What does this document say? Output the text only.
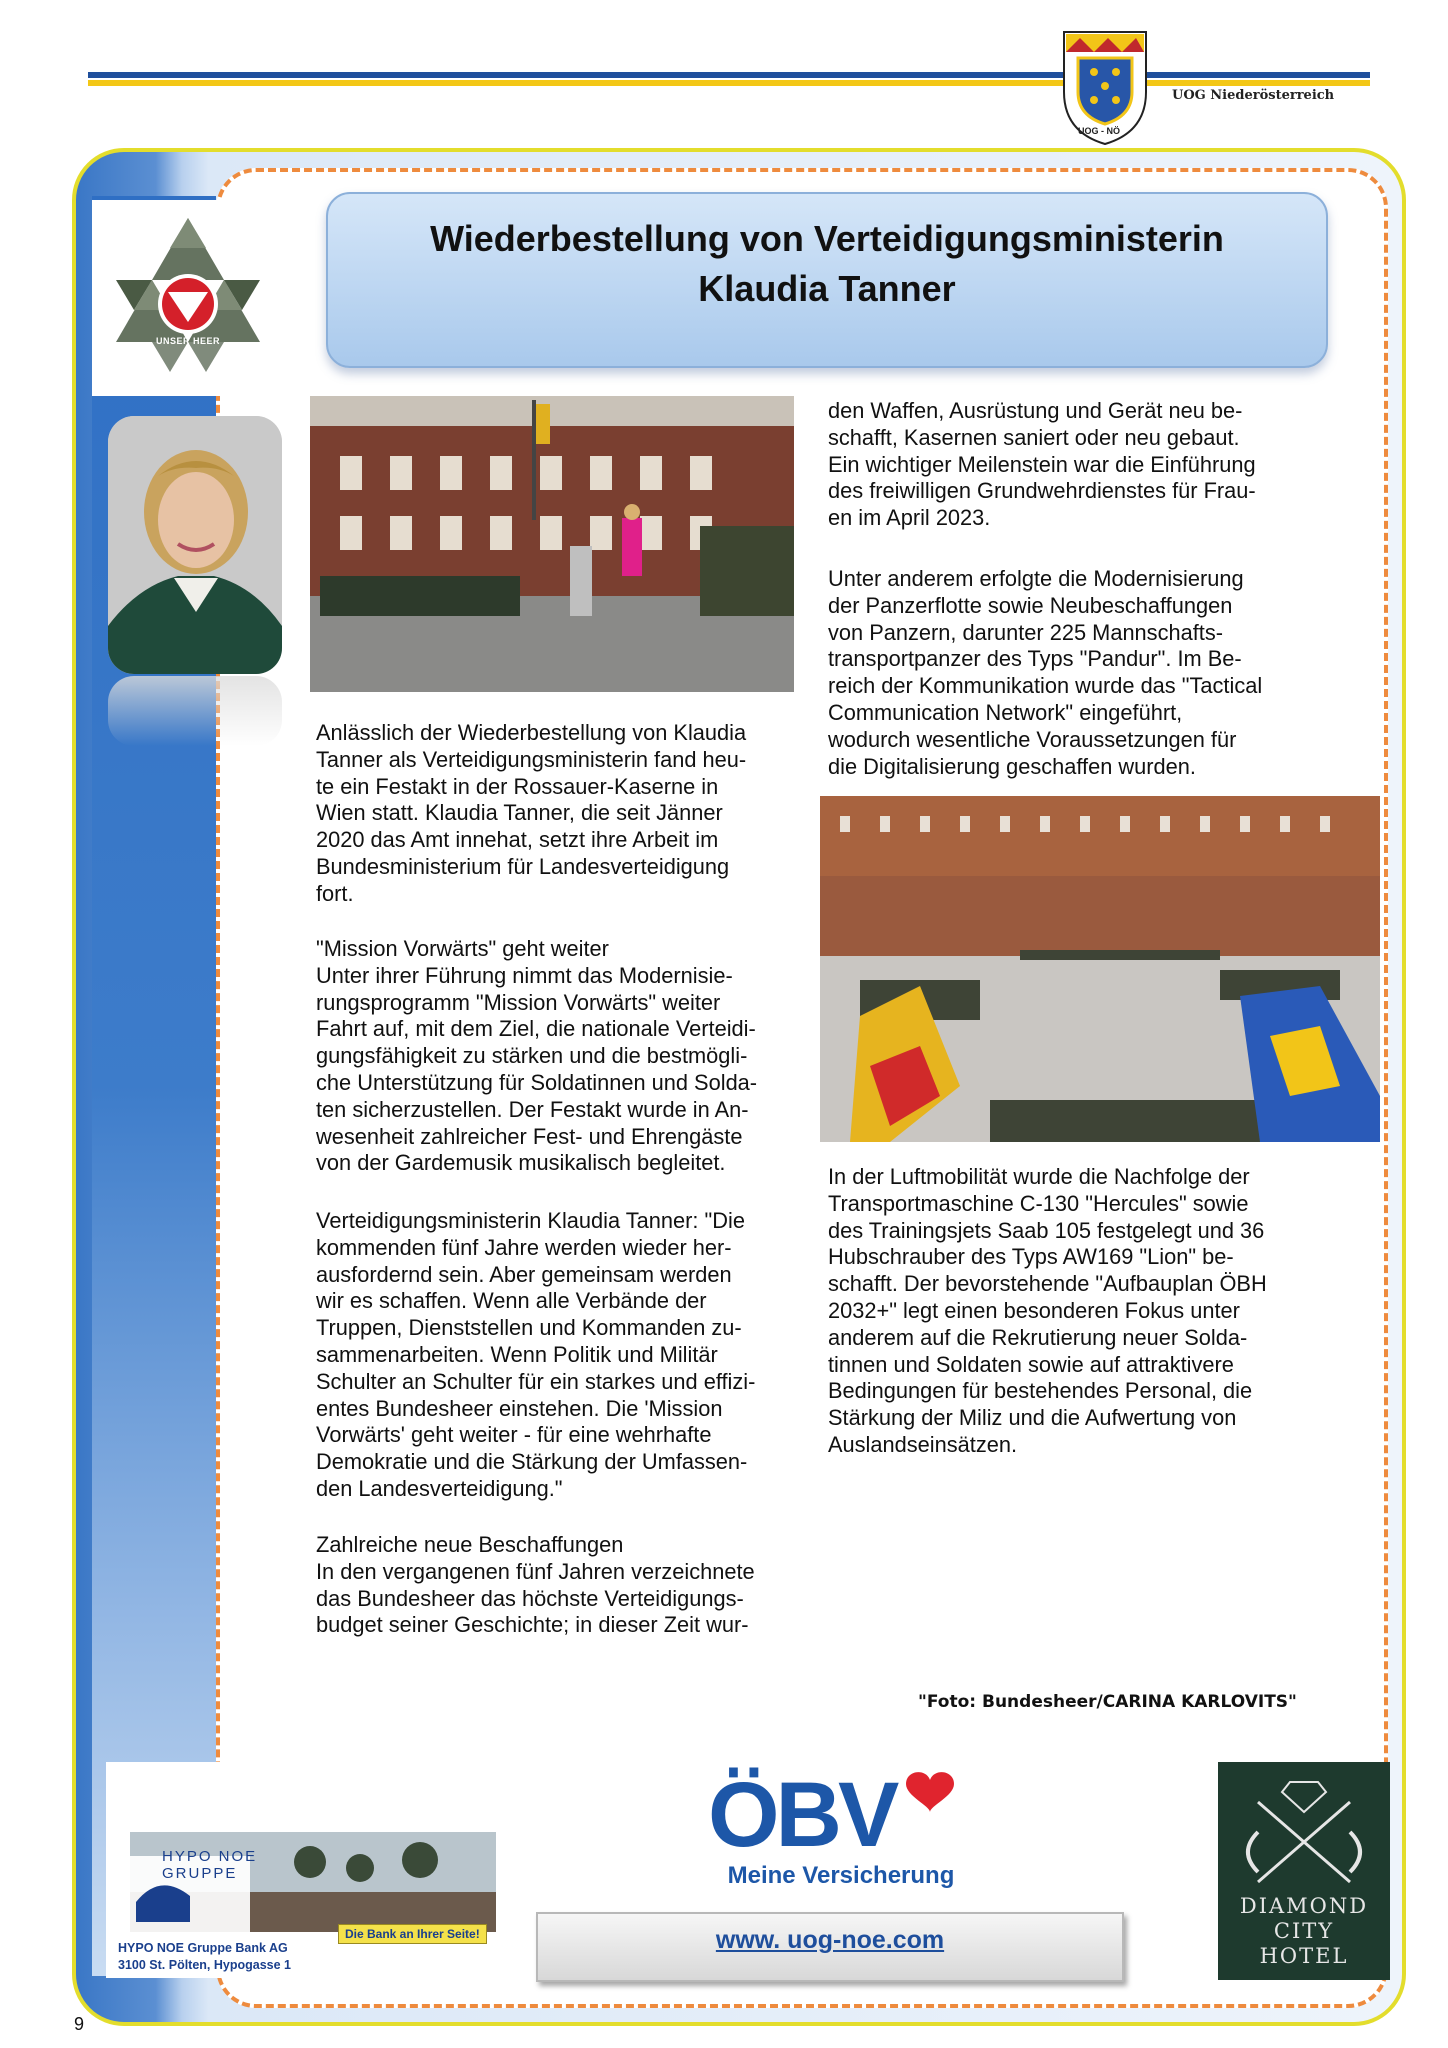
UOG - NÖ
UOG Niederösterreich
UNSER HEER
Wiederbestellung von Verteidigungsministerin
Klaudia Tanner
Anlässlich der Wiederbestellung von Klaudia
Tanner als Verteidigungsministerin fand heu-
te ein Festakt in der Rossauer-Kaserne in
Wien statt. Klaudia Tanner, die seit Jänner
2020 das Amt innehat, setzt ihre Arbeit im
Bundesministerium für Landesverteidigung
fort.
"Mission Vorwärts" geht weiter
Unter ihrer Führung nimmt das Modernisie-
rungsprogramm "Mission Vorwärts" weiter
Fahrt auf, mit dem Ziel, die nationale Verteidi-
gungsfähigkeit zu stärken und die bestmögli-
che Unterstützung für Soldatinnen und Solda-
ten sicherzustellen. Der Festakt wurde in An-
wesenheit zahlreicher Fest- und Ehrengäste
von der Gardemusik musikalisch begleitet.
Verteidigungsministerin Klaudia Tanner: "Die
kommenden fünf Jahre werden wieder her-
ausfordernd sein. Aber gemeinsam werden
wir es schaffen. Wenn alle Verbände der
Truppen, Dienststellen und Kommanden zu-
sammenarbeiten. Wenn Politik und Militär
Schulter an Schulter für ein starkes und effizi-
entes Bundesheer einstehen. Die 'Mission
Vorwärts' geht weiter - für eine wehrhafte
Demokratie und die Stärkung der Umfassen-
den Landesverteidigung."
Zahlreiche neue Beschaffungen
In den vergangenen fünf Jahren verzeichnete
das Bundesheer das höchste Verteidigungs-
budget seiner Geschichte; in dieser Zeit wur-
den Waffen, Ausrüstung und Gerät neu be-
schafft, Kasernen saniert oder neu gebaut.
Ein wichtiger Meilenstein war die Einführung
des freiwilligen Grundwehrdienstes für Frau-
en im April 2023.
Unter anderem erfolgte die Modernisierung
der Panzerflotte sowie Neubeschaffungen
von Panzern, darunter 225 Mannschafts-
transportpanzer des Typs "Pandur". Im Be-
reich der Kommunikation wurde das "Tactical
Communication Network" eingeführt,
wodurch wesentliche Voraussetzungen für
die Digitalisierung geschaffen wurden.
In der Luftmobilität wurde die Nachfolge der
Transportmaschine C-130 "Hercules" sowie
des Trainingsjets Saab 105 festgelegt und 36
Hubschrauber des Typs AW169 "Lion" be-
schafft. Der bevorstehende "Aufbauplan ÖBH
2032+" legt einen besonderen Fokus unter
anderem auf die Rekrutierung neuer Solda-
tinnen und Soldaten sowie auf attraktivere
Bedingungen für bestehendes Personal, die
Stärkung der Miliz und die Aufwertung von
Auslandseinsätzen.
"Foto: Bundesheer/CARINA KARLOVITS"
HYPO NOE GRUPPE
Die Bank an Ihrer Seite!
HYPO NOE Gruppe Bank AG
3100 St. Pölten, Hypogasse 1
ÖBV
Meine Versicherung
www. uog-noe.com
DIAMOND
CITY
HOTEL
9
